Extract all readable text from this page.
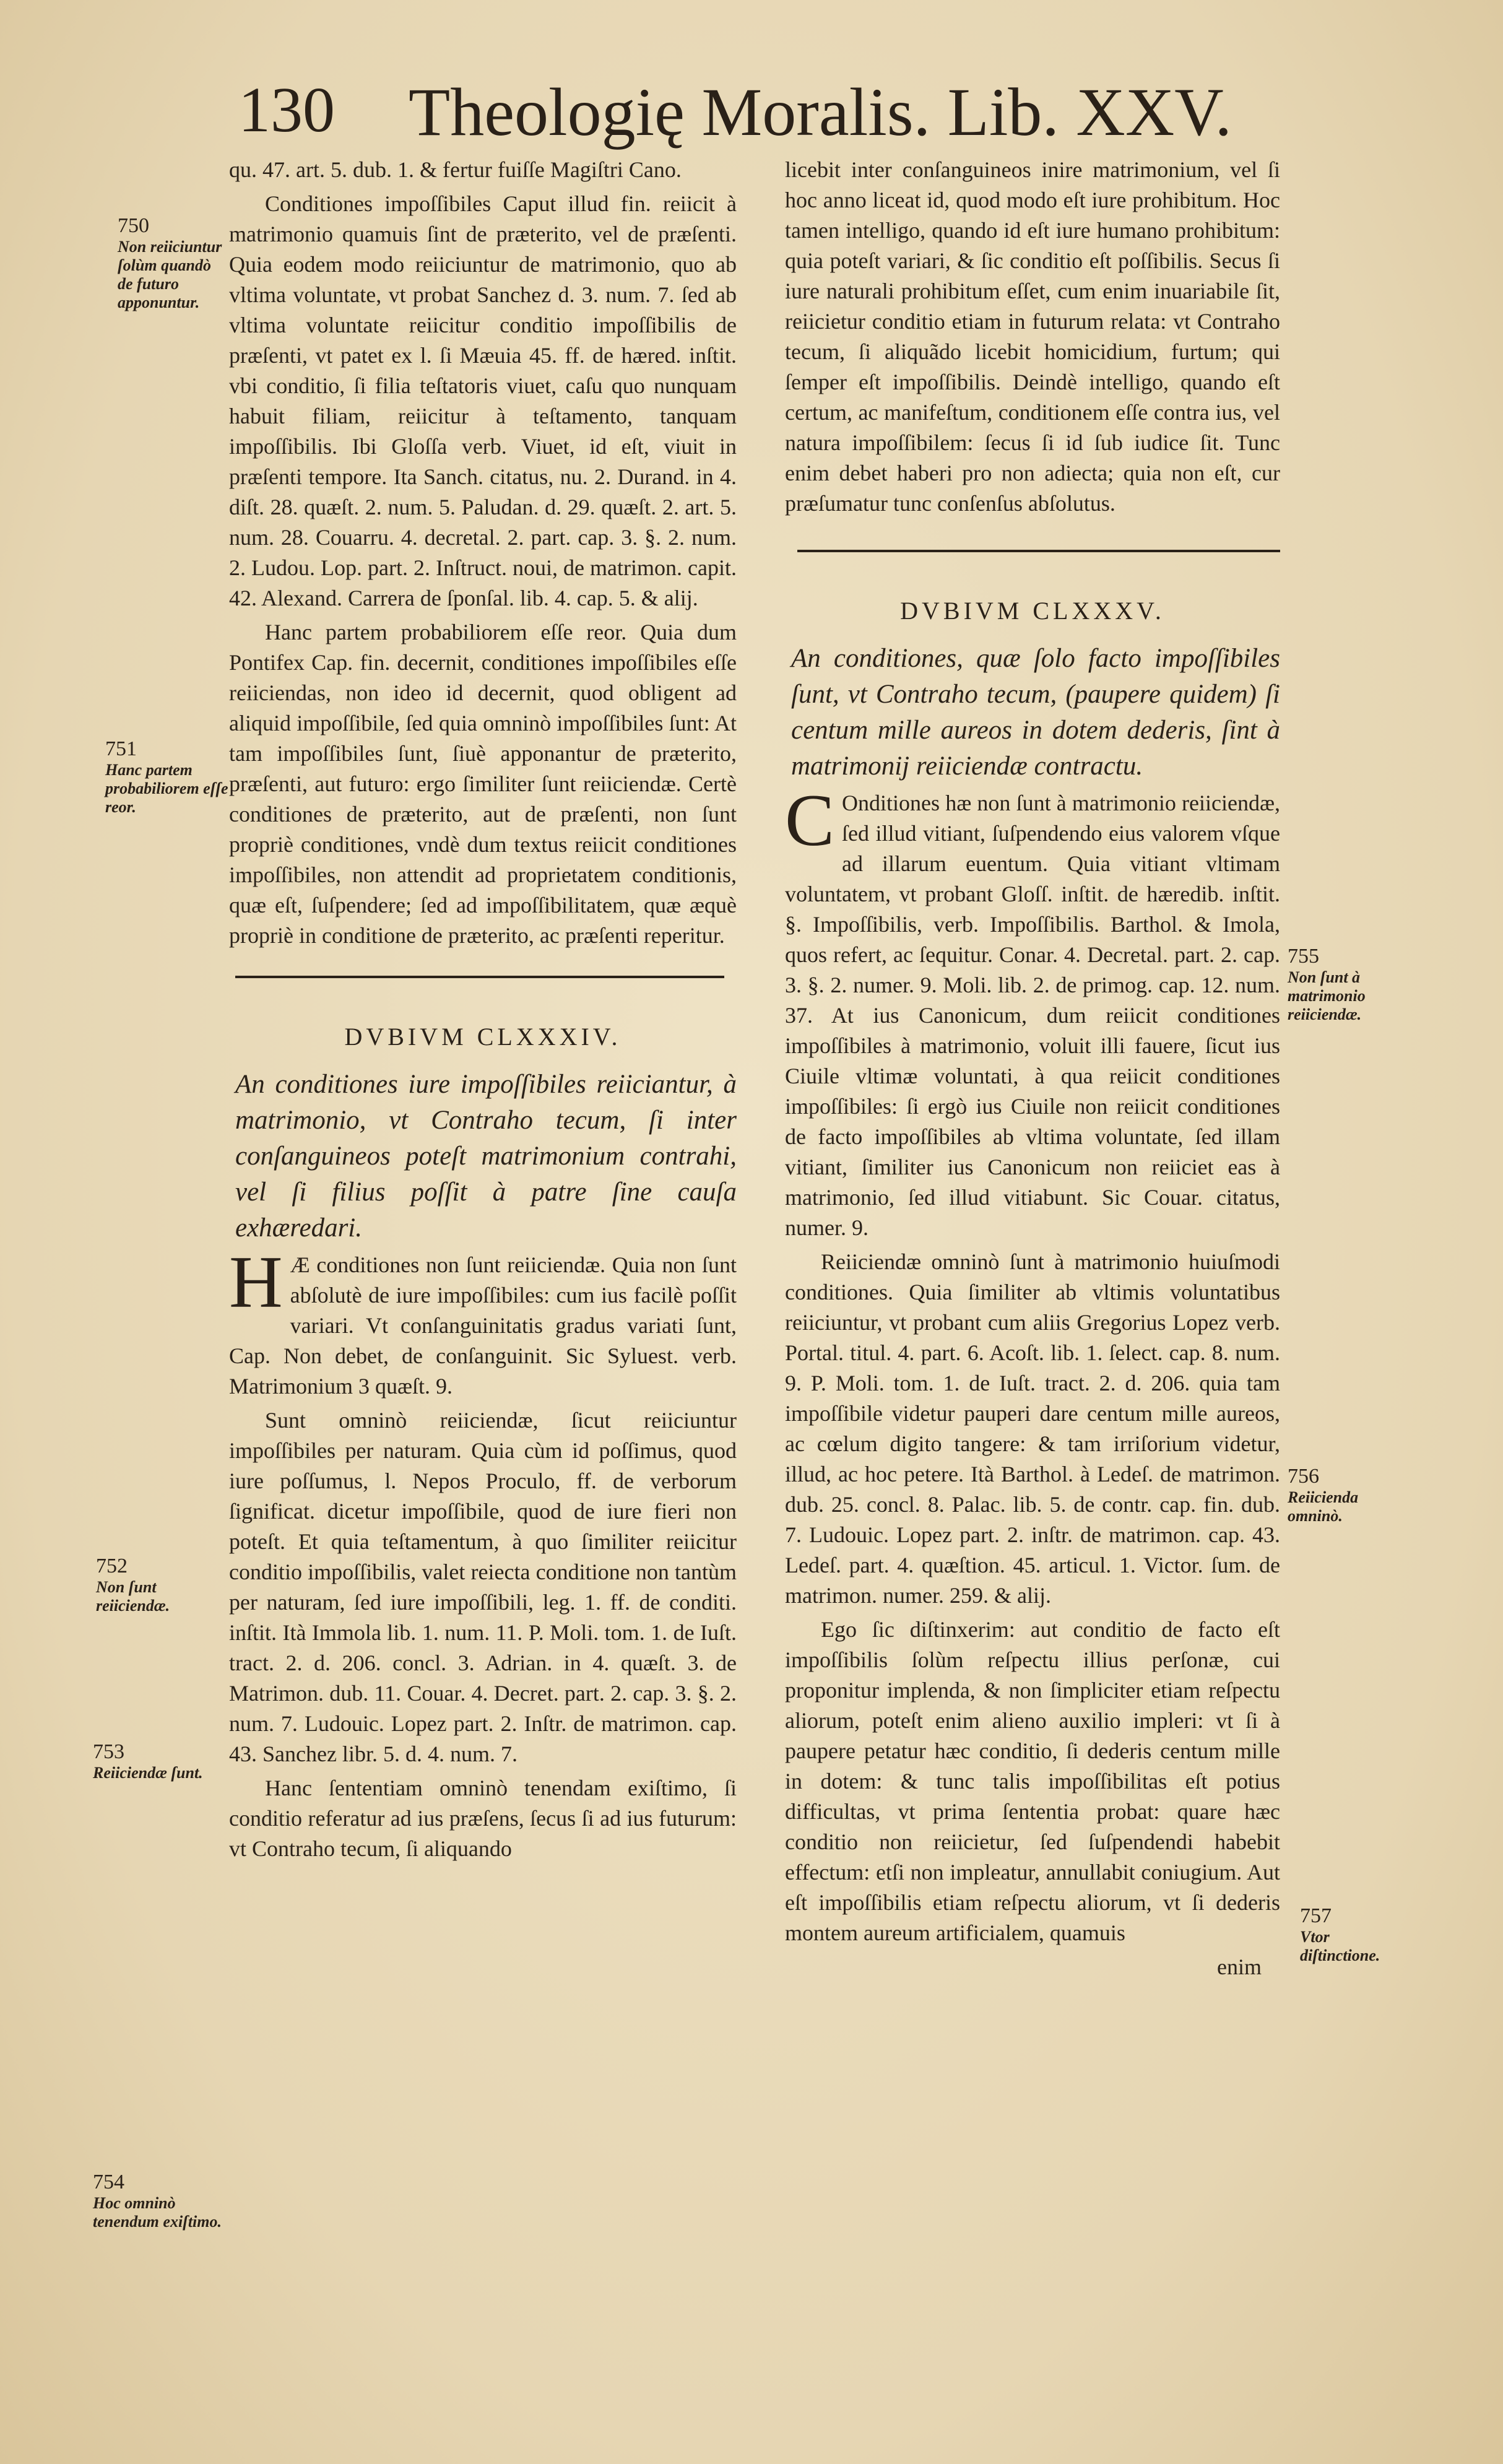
130 Theologię Moralis. Lib. XXV.

qu. 47. art. 5. dub. 1. & fertur fuiſſe Magiſtri Cano.

Conditiones impoſſibiles Caput illud fin. reiicit à matrimonio quamuis ſint de præterito, vel de præſenti. Quia eodem modo reiiciuntur de matrimonio, quo ab vltima voluntate, vt probat Sanchez d. 3. num. 7. ſed ab vltima voluntate reiicitur conditio impoſſibilis de præſenti, vt patet ex l. ſi Mæuia 45. ff. de hæred. inſtit. vbi conditio, ſi filia teſtatoris viuet, caſu quo nunquam habuit filiam, reiicitur à teſtamento, tanquam impoſſibilis. Ibi Gloſſa verb. Viuet, id eſt, viuit in præſenti tempore. Ita Sanch. citatus, nu. 2. Durand. in 4. diſt. 28. quæſt. 2. num. 5. Paludan. d. 29. quæſt. 2. art. 5. num. 28. Couarru. 4. decretal. 2. part. cap. 3. §. 2. num. 2. Ludou. Lop. part. 2. Inſtruct. noui, de matrimon. capit. 42. Alexand. Carrera de ſponſal. lib. 4. cap. 5. & alij.

Hanc partem probabiliorem eſſe reor. Quia dum Pontifex Cap. fin. decernit, conditiones impoſſibiles eſſe reiiciendas, non ideo id decernit, quod obligent ad aliquid impoſſibile, ſed quia omninò impoſſibiles ſunt: At tam impoſſibiles ſunt, ſiuè apponantur de præterito, præſenti, aut futuro: ergo ſimiliter ſunt reiiciendæ. Certè conditiones de præterito, aut de præſenti, non ſunt propriè conditiones, vndè dum textus reiicit conditiones impoſſibiles, non attendit ad proprietatem conditionis, quæ eſt, ſuſpendere; ſed ad impoſſibilitatem, quæ æquè propriè in conditione de præterito, ac præſenti reperitur.

DVBIVM CLXXXIV.

An conditiones iure impoſſibiles reiiciantur, à matrimonio, vt Contraho tecum, ſi inter conſanguineos poteſt matrimonium contrahi, vel ſi filius poſſit à patre ſine cauſa exhæredari.

H Æ conditiones non ſunt reiiciendæ. Quia non ſunt abſolutè de iure impoſſibiles: cum ius facilè poſſit variari. Vt conſanguinitatis gradus variati ſunt, Cap. Non debet, de conſanguinit. Sic Syluest. verb. Matrimonium 3 quæſt. 9.

Sunt omninò reiiciendæ, ſicut reiiciuntur impoſſibiles per naturam. Quia cùm id poſſimus, quod iure poſſumus, l. Nepos Proculo, ff. de verborum ſignificat. dicetur impoſſibile, quod de iure fieri non poteſt. Et quia teſtamentum, à quo ſimiliter reiicitur conditio impoſſibilis, valet reiecta conditione non tantùm per naturam, ſed iure impoſſibili, leg. 1. ff. de conditi. inſtit. Ità Immola lib. 1. num. 11. P. Moli. tom. 1. de Iuſt. tract. 2. d. 206. concl. 3. Adrian. in 4. quæſt. 3. de Matrimon. dub. 11. Couar. 4. Decret. part. 2. cap. 3. §. 2. num. 7. Ludouic. Lopez part. 2. Inſtr. de matrimon. cap. 43. Sanchez libr. 5. d. 4. num. 7.

Hanc ſententiam omninò tenendam exiſtimo, ſi conditio referatur ad ius præſens, ſecus ſi ad ius futurum: vt Contraho tecum, ſi aliquando

licebit inter conſanguineos inire matrimonium, vel ſi hoc anno liceat id, quod modo eſt iure prohibitum. Hoc tamen intelligo, quando id eſt iure humano prohibitum: quia poteſt variari, & ſic conditio eſt poſſibilis. Secus ſi iure naturali prohibitum eſſet, cum enim inuariabile ſit, reiicietur conditio etiam in futurum relata: vt Contraho tecum, ſi aliquãdo licebit homicidium, furtum; qui ſemper eſt impoſſibilis. Deindè intelligo, quando eſt certum, ac manifeſtum, conditionem eſſe contra ius, vel natura impoſſibilem: ſecus ſi id ſub iudice ſit. Tunc enim debet haberi pro non adiecta; quia non eſt, cur præſumatur tunc conſenſus abſolutus.

DVBIVM CLXXXV.

An conditiones, quæ ſolo facto impoſſibiles ſunt, vt Contraho tecum, (paupere quidem) ſi centum mille aureos in dotem dederis, ſint à matrimonij reiiciendæ contractu.

C Onditiones hæ non ſunt à matrimonio reiiciendæ, ſed illud vitiant, ſuſpendendo eius valorem vſque ad illarum euentum. Quia vitiant vltimam voluntatem, vt probant Gloſſ. inſtit. de hæredib. inſtit. §. Impoſſibilis, verb. Impoſſibilis. Barthol. & Imola, quos refert, ac ſequitur. Conar. 4. Decretal. part. 2. cap. 3. §. 2. numer. 9. Moli. lib. 2. de primog. cap. 12. num. 37. At ius Canonicum, dum reiicit conditiones impoſſibiles à matrimonio, voluit illi fauere, ſicut ius Ciuile vltimæ voluntati, à qua reiicit conditiones impoſſibiles: ſi ergò ius Ciuile non reiicit conditiones de facto impoſſibiles ab vltima voluntate, ſed illam vitiant, ſimiliter ius Canonicum non reiiciet eas à matrimonio, ſed illud vitiabunt. Sic Couar. citatus, numer. 9.

Reiiciendæ omninò ſunt à matrimonio huiuſmodi conditiones. Quia ſimiliter ab vltimis voluntatibus reiiciuntur, vt probant cum aliis Gregorius Lopez verb. Portal. titul. 4. part. 6. Acoſt. lib. 1. ſelect. cap. 8. num. 9. P. Moli. tom. 1. de Iuſt. tract. 2. d. 206. quia tam impoſſibile videtur pauperi dare centum mille aureos, ac cœlum digito tangere: & tam irriſorium videtur, illud, ac hoc petere. Ità Barthol. à Ledeſ. de matrimon. dub. 25. concl. 8. Palac. lib. 5. de contr. cap. fin. dub. 7. Ludouic. Lopez part. 2. inſtr. de matrimon. cap. 43. Ledeſ. part. 4. quæſtion. 45. articul. 1. Victor. ſum. de matrimon. numer. 259. & alij.

Ego ſic diſtinxerim: aut conditio de facto eſt impoſſibilis ſolùm reſpectu illius perſonæ, cui proponitur implenda, & non ſimpliciter etiam reſpectu aliorum, poteſt enim alieno auxilio impleri: vt ſi à paupere petatur hæc conditio, ſi dederis centum mille in dotem: & tunc talis impoſſibilitas eſt potius difficultas, vt prima ſententia probat: quare hæc conditio non reiicietur, ſed ſuſpendendi habebit effectum: etſi non impleatur, annullabit coniugium. Aut eſt impoſſibilis etiam reſpectu aliorum, vt ſi dederis montem aureum artificialem, quamuis

enim

750
Non reiiciuntur ſolùm quandò de futuro apponuntur.
751
Hanc partem probabiliorem eſſe reor.
752
Non ſunt reiiciendæ.
753
Reiiciendæ ſunt.
754
Hoc omninò tenendum exiſtimo.
755
Non ſunt à matrimonio reiiciendæ.
756
Reiicienda omninò.
757
Vtor diſtinctione.
